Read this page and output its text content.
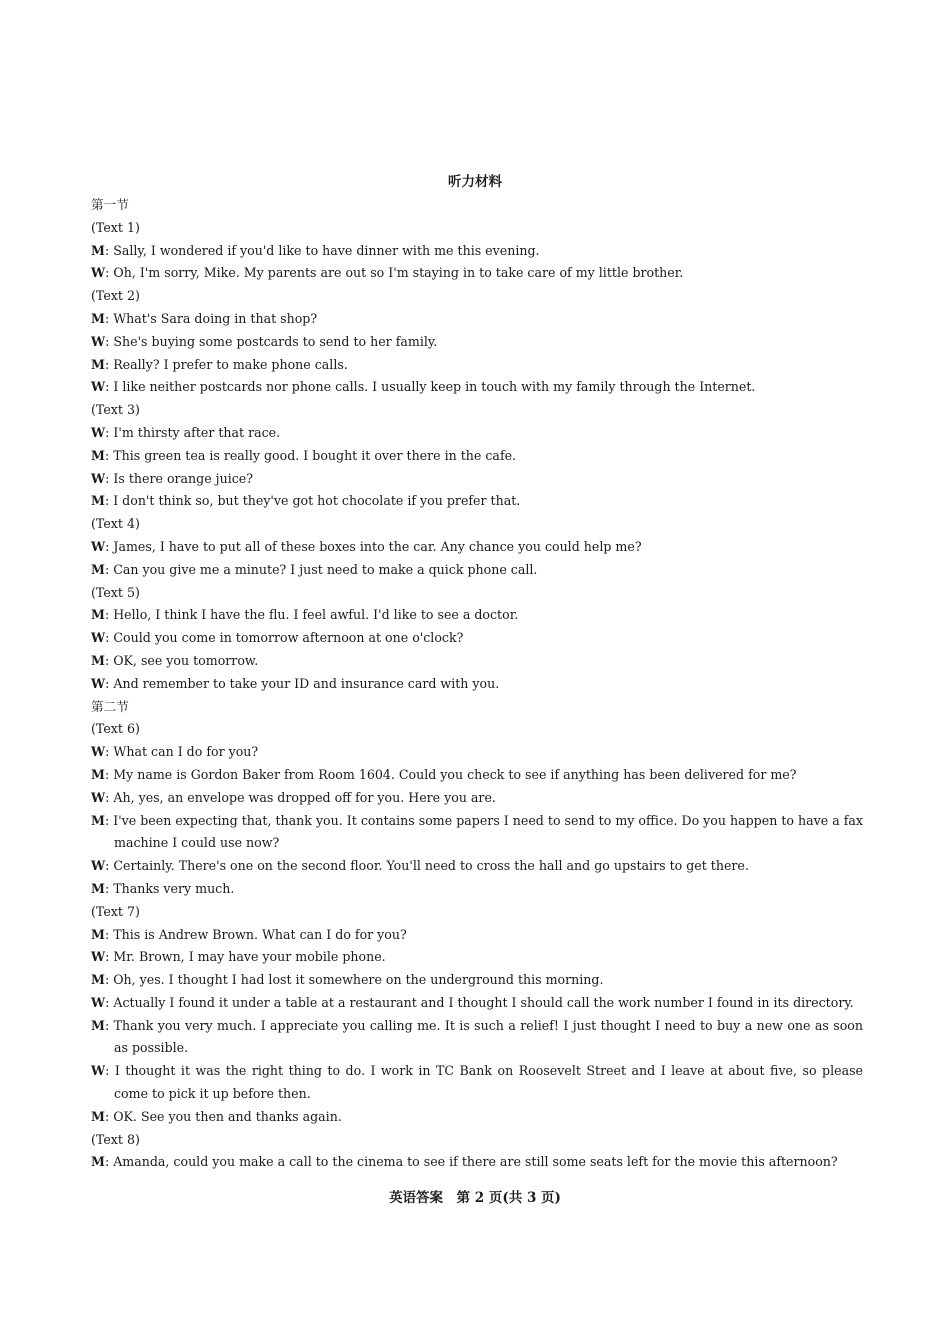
听力材料
第一节
(Text 1)
M: Sally, I wondered if you'd like to have dinner with me this evening.
W: Oh, I'm sorry, Mike. My parents are out so I'm staying in to take care of my little brother.
(Text 2)
M: What's Sara doing in that shop?
W: She's buying some postcards to send to her family.
M: Really? I prefer to make phone calls.
W: I like neither postcards nor phone calls. I usually keep in touch with my family through the Internet.
(Text 3)
W: I'm thirsty after that race.
M: This green tea is really good. I bought it over there in the cafe.
W: Is there orange juice?
M: I don't think so, but they've got hot chocolate if you prefer that.
(Text 4)
W: James, I have to put all of these boxes into the car. Any chance you could help me?
M: Can you give me a minute? I just need to make a quick phone call.
(Text 5)
M: Hello, I think I have the flu. I feel awful. I'd like to see a doctor.
W: Could you come in tomorrow afternoon at one o'clock?
M: OK, see you tomorrow.
W: And remember to take your ID and insurance card with you.
第二节
(Text 6)
W: What can I do for you?
M: My name is Gordon Baker from Room 1604. Could you check to see if anything has been delivered for me?
W: Ah, yes, an envelope was dropped off for you. Here you are.
M: I've been expecting that, thank you. It contains some papers I need to send to my office. Do you happen to have a fax machine I could use now?
W: Certainly. There's one on the second floor. You'll need to cross the hall and go upstairs to get there.
M: Thanks very much.
(Text 7)
M: This is Andrew Brown. What can I do for you?
W: Mr. Brown, I may have your mobile phone.
M: Oh, yes. I thought I had lost it somewhere on the underground this morning.
W: Actually I found it under a table at a restaurant and I thought I should call the work number I found in its directory.
M: Thank you very much. I appreciate you calling me. It is such a relief! I just thought I need to buy a new one as soon as possible.
W: I thought it was the right thing to do. I work in TC Bank on Roosevelt Street and I leave at about five, so please come to pick it up before then.
M: OK. See you then and thanks again.
(Text 8)
M: Amanda, could you make a call to the cinema to see if there are still some seats left for the movie this afternoon?
英语答案　第 2 页(共 3 页)
